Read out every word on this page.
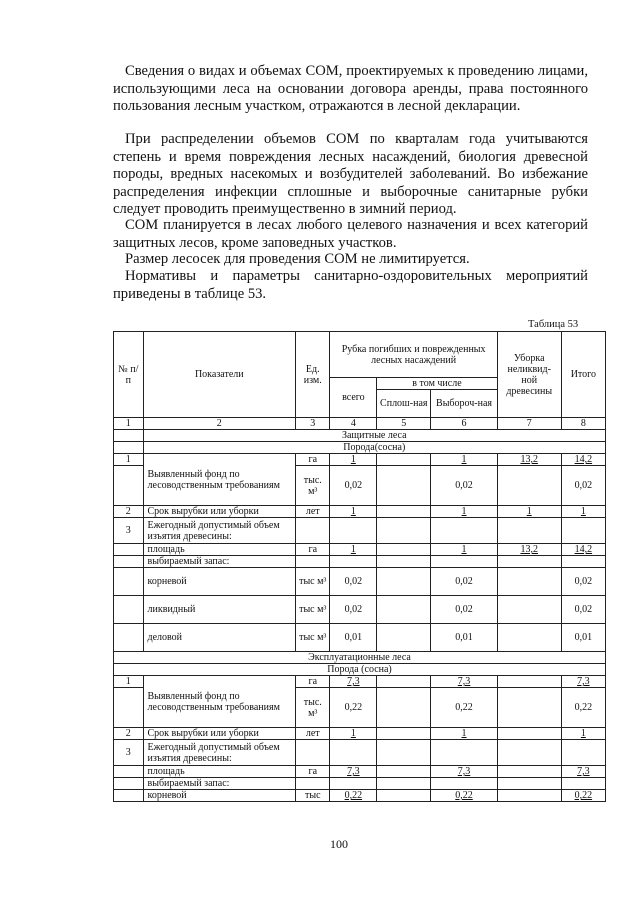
Сведения о видах и объемах СОМ, проектируемых к проведению лицами, использующими леса на основании договора аренды, права постоянного пользования лесным участком, отражаются в лесной декларации.

При распределении объемов СОМ по кварталам года учитываются степень и время повреждения лесных насаждений, биология древесной породы, вредных насекомых и возбудителей заболеваний. Во избежание распределения инфекции сплошные и выборочные санитарные рубки следует проводить преимущественно в зимний период.

СОМ планируется в лесах любого целевого назначения и всех категорий защитных лесов, кроме заповедных участков.

Размер лесосек для проведения СОМ не лимитируется.

Нормативы и параметры санитарно-оздоровительных мероприятий приведены в таблице 53.

Таблица 53
№ п/п	Показатели	Ед. изм.	Рубка погибших и поврежденных лесных насаждений			Уборка неликвид-ной древесины	Итого
			всего	в том числе			
				Сплош-ная	Выбороч-ная		
1	2	3	4	5	6	7	8
	Защитные леса						
	Порода(сосна)						
1	Выявленный фонд по лесоводственным требованиям	га	1		1	13,2	14,2
		тыс. м³	0,02		0,02		0,02
2	Срок вырубки или уборки	лет	1		1	1	1
3	Ежегодный допустимый объем изъятия древесины:						
	площадь	га	1		1	13,2	14,2
	выбираемый запас:						
	корневой	тыс м³	0,02		0,02		0,02
	ликвидный	тыс м³	0,02		0,02		0,02
	деловой	тыс м³	0,01		0,01		0,01
Эксплуатационные леса							
Порода (сосна)							
1	Выявленный фонд по лесоводственным требованиям	га	7,3		7,3		7,3
		тыс. м³	0,22		0,22		0,22
2	Срок вырубки или уборки	лет	1		1		1
3	Ежегодный допустимый объем изъятия древесины:						
	площадь	га	7,3		7,3		7,3
	выбираемый запас:						
	корневой	тыс	0,22		0,22		0,22
100
